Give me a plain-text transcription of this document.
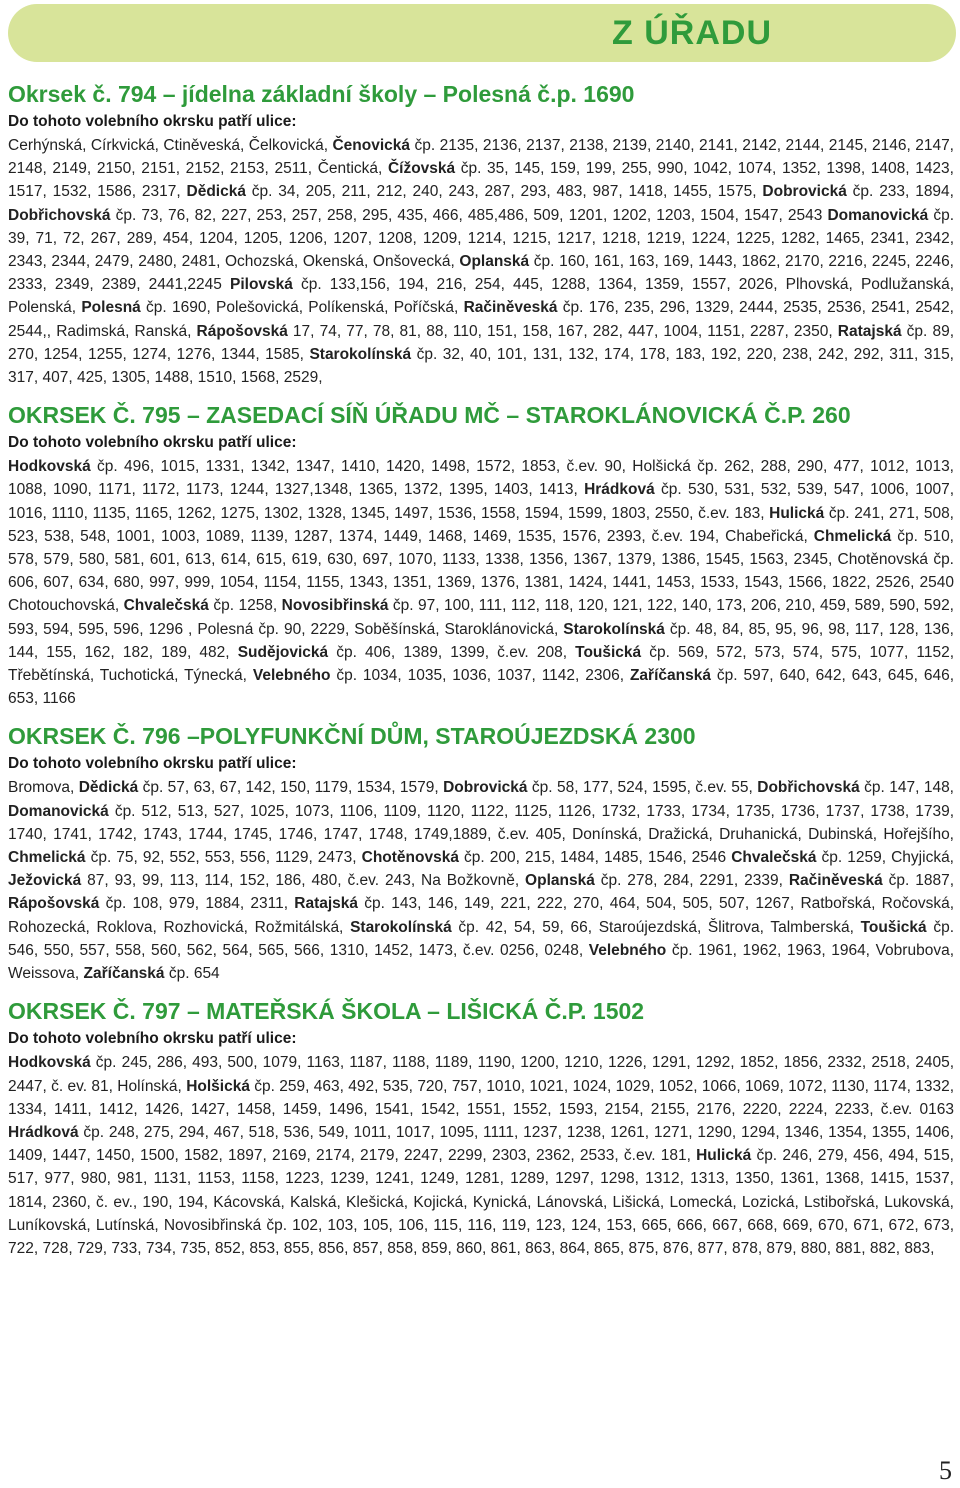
Z ÚŘADU

Okrsek č. 794 – jídelna základní školy – Polesná č.p. 1690

Do tohoto volebního okrsku patří ulice:

Cerhýnská, Církvická, Ctiněveská, Čelkovická, Čenovická čp. 2135, 2136, 2137, 2138, 2139, 2140, 2141, 2142, 2144, 2145, 2146, 2147, 2148, 2149, 2150, 2151, 2152, 2153, 2511, Čentická, Čížovská čp. 35, 145, 159, 199, 255, 990, 1042, 1074, 1352, 1398, 1408, 1423, 1517, 1532, 1586, 2317, Dědická čp. 34, 205, 211, 212, 240, 243, 287, 293, 483, 987, 1418, 1455, 1575, Dobrovická čp. 233, 1894, Dobřichovská čp. 73, 76, 82, 227, 253, 257, 258, 295, 435, 466, 485,486, 509, 1201, 1202, 1203, 1504, 1547, 2543 Domanovická čp. 39, 71, 72, 267, 289, 454, 1204, 1205, 1206, 1207, 1208, 1209, 1214, 1215, 1217, 1218, 1219, 1224, 1225, 1282, 1465, 2341, 2342, 2343, 2344, 2479, 2480, 2481, Ochozská, Okenská, Onšovecká, Oplanská čp. 160, 161, 163, 169, 1443, 1862, 2170, 2216, 2245, 2246, 2333, 2349, 2389, 2441,2245 Pilovská čp. 133,156, 194, 216, 254, 445, 1288, 1364, 1359, 1557, 2026, Plhovská, Podlužanská, Polenská, Polesná čp. 1690, Polešovická, Políkenská, Poříčská, Račiněveská čp. 176, 235, 296, 1329, 2444, 2535, 2536, 2541, 2542, 2544,, Radimská, Ranská, Rápošovská 17, 74, 77, 78, 81, 88, 110, 151, 158, 167, 282, 447, 1004, 1151, 2287, 2350, Ratajská čp. 89, 270, 1254, 1255, 1274, 1276, 1344, 1585, Starokolínská čp. 32, 40, 101, 131, 132, 174, 178, 183, 192, 220, 238, 242, 292, 311, 315, 317, 407, 425, 1305, 1488, 1510, 1568, 2529,

OKRSEK Č. 795 – ZASEDACÍ SÍŇ ÚŘADU MČ – STAROKLÁNOVICKÁ Č.P. 260

Do tohoto volebního okrsku patří ulice:

Hodkovská čp. 496, 1015, 1331, 1342, 1347, 1410, 1420, 1498, 1572, 1853, č.ev. 90, Holšická čp. 262, 288, 290, 477, 1012, 1013, 1088, 1090, 1171, 1172, 1173, 1244, 1327,1348, 1365, 1372, 1395, 1403, 1413, Hrádková čp. 530, 531, 532, 539, 547, 1006, 1007, 1016, 1110, 1135, 1165, 1262, 1275, 1302, 1328, 1345, 1497, 1536, 1558, 1594, 1599, 1803, 2550, č.ev. 183, Hulická čp. 241, 271, 508, 523, 538, 548, 1001, 1003, 1089, 1139, 1287, 1374, 1449, 1468, 1469, 1535, 1576, 2393, č.ev. 194, Chabeřická, Chmelická čp. 510, 578, 579, 580, 581, 601, 613, 614, 615, 619, 630, 697, 1070, 1133, 1338, 1356, 1367, 1379, 1386, 1545, 1563, 2345, Chotěnovská čp. 606, 607, 634, 680, 997, 999, 1054, 1154, 1155, 1343, 1351, 1369, 1376, 1381, 1424, 1441, 1453, 1533, 1543, 1566, 1822, 2526, 2540 Chotouchovská, Chvalečská čp. 1258, Novosibřinská čp. 97, 100, 111, 112, 118, 120, 121, 122, 140, 173, 206, 210, 459, 589, 590, 592, 593, 594, 595, 596, 1296 , Polesná čp. 90, 2229, Soběšínská, Staroklánovická, Starokolínská čp. 48, 84, 85, 95, 96, 98, 117, 128, 136, 144, 155, 162, 182, 189, 482, Sudějovická čp. 406, 1389, 1399, č.ev. 208, Toušická čp. 569, 572, 573, 574, 575, 1077, 1152, Třebětínská, Tuchotická, Týnecká, Velebného čp. 1034, 1035, 1036, 1037, 1142, 2306, Zaříčanská čp. 597, 640, 642, 643, 645, 646, 653, 1166

OKRSEK Č. 796 –POLYFUNKČNÍ DŮM, STAROÚJEZDSKÁ 2300

Do tohoto volebního okrsku patří ulice:

Bromova, Dědická čp. 57, 63, 67, 142, 150, 1179, 1534, 1579, Dobrovická čp. 58, 177, 524, 1595, č.ev. 55, Dobřichovská čp. 147, 148, Domanovická čp. 512, 513, 527, 1025, 1073, 1106, 1109, 1120, 1122, 1125, 1126, 1732, 1733, 1734, 1735, 1736, 1737, 1738, 1739, 1740, 1741, 1742, 1743, 1744, 1745, 1746, 1747, 1748, 1749,1889, č.ev. 405, Donínská, Dražická, Druhanická, Dubinská, Hořejšího, Chmelická čp. 75, 92, 552, 553, 556, 1129, 2473, Chotěnovská čp. 200, 215, 1484, 1485, 1546, 2546 Chvalečská čp. 1259, Chyjická, Ježovická 87, 93, 99, 113, 114, 152, 186, 480, č.ev. 243, Na Božkovně, Oplanská čp. 278, 284, 2291, 2339, Račiněveská čp. 1887, Rápošovská čp. 108, 979, 1884, 2311, Ratajská čp. 143, 146, 149, 221, 222, 270, 464, 504, 505, 507, 1267, Ratbořská, Ročovská, Rohozecká, Roklova, Rozhovická, Rožmitálská, Starokolínská čp. 42, 54, 59, 66, Staroújezdská, Šlitrova, Talmberská, Toušická čp. 546, 550, 557, 558, 560, 562, 564, 565, 566, 1310, 1452, 1473, č.ev. 0256, 0248, Velebného čp. 1961, 1962, 1963, 1964, Vobrubova, Weissova, Zaříčanská čp. 654

OKRSEK Č. 797 – MATEŘSKÁ ŠKOLA – LIŠICKÁ Č.P. 1502

Do tohoto volebního okrsku patří ulice:

Hodkovská čp. 245, 286, 493, 500, 1079, 1163, 1187, 1188, 1189, 1190, 1200, 1210, 1226, 1291, 1292, 1852, 1856, 2332, 2518, 2405, 2447, č. ev. 81, Holínská, Holšická čp. 259, 463, 492, 535, 720, 757, 1010, 1021, 1024, 1029, 1052, 1066, 1069, 1072, 1130, 1174, 1332, 1334, 1411, 1412, 1426, 1427, 1458, 1459, 1496, 1541, 1542, 1551, 1552, 1593, 2154, 2155, 2176, 2220, 2224, 2233, č.ev. 0163 Hrádková čp. 248, 275, 294, 467, 518, 536, 549, 1011, 1017, 1095, 1111, 1237, 1238, 1261, 1271, 1290, 1294, 1346, 1354, 1355, 1406, 1409, 1447, 1450, 1500, 1582, 1897, 2169, 2174, 2179, 2247, 2299, 2303, 2362, 2533, č.ev. 181, Hulická čp. 246, 279, 456, 494, 515, 517, 977, 980, 981, 1131, 1153, 1158, 1223, 1239, 1241, 1249, 1281, 1289, 1297, 1298, 1312, 1313, 1350, 1361, 1368, 1415, 1537, 1814, 2360, č. ev., 190, 194, Kácovská, Kalská, Klešická, Kojická, Kynická, Lánovská, Lišická, Lomecká, Lozická, Lstibořská, Lukovská, Luníkovská, Lutínská, Novosibřinská čp. 102, 103, 105, 106, 115, 116, 119, 123, 124, 153, 665, 666, 667, 668, 669, 670, 671, 672, 673, 722, 728, 729, 733, 734, 735, 852, 853, 855, 856, 857, 858, 859, 860, 861, 863, 864, 865, 875, 876, 877, 878, 879, 880, 881, 882, 883,

5
